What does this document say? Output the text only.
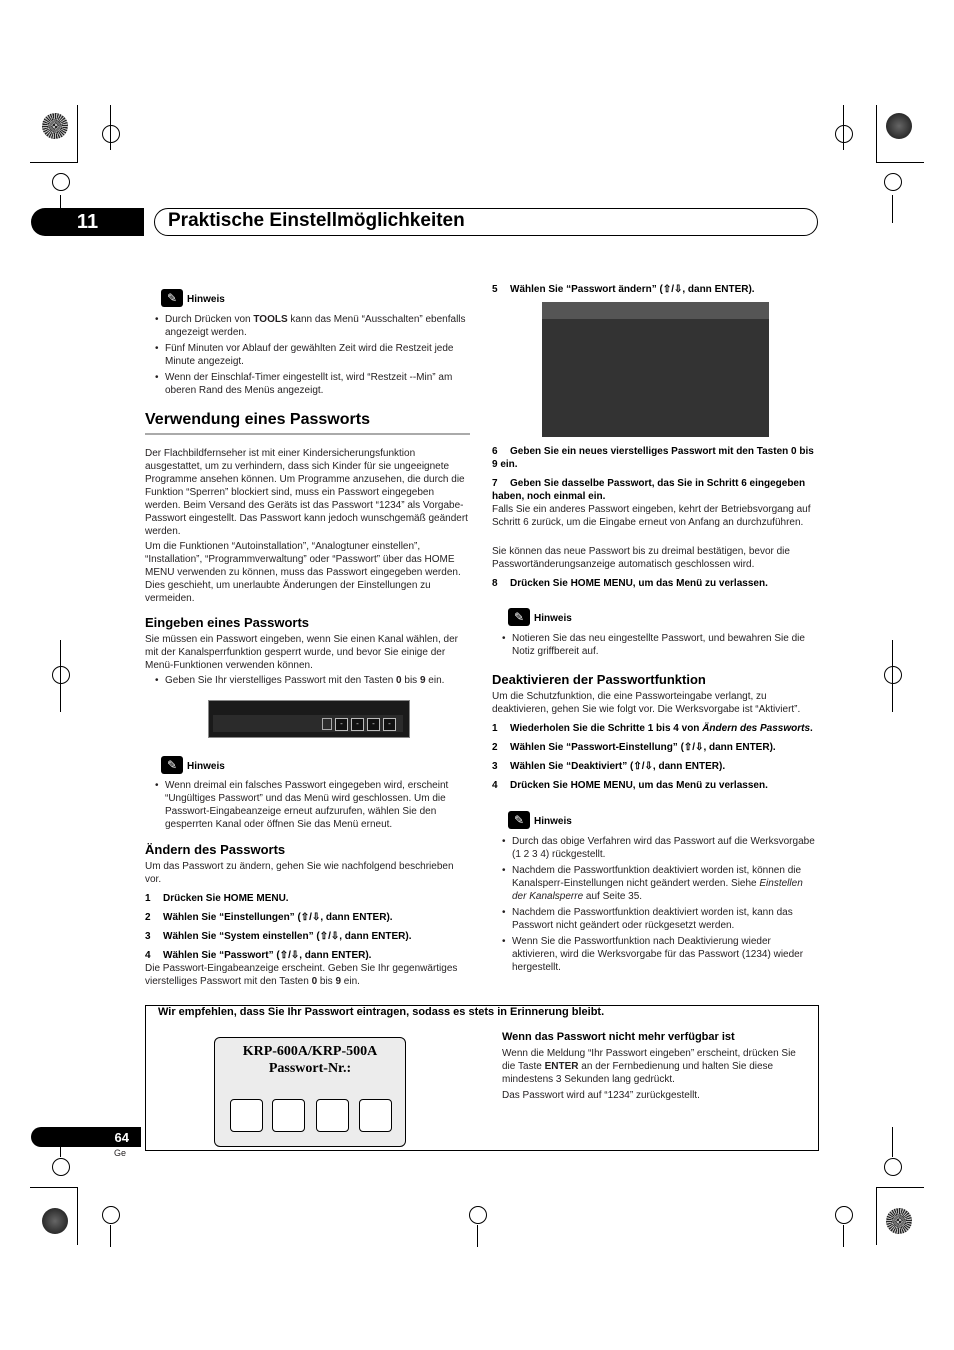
11	Praktische Einstellmöglichkeiten
✎ Hinweis
• Durch Drücken von TOOLS kann das Menü “Ausschalten” ebenfalls angezeigt werden.
• Fünf Minuten vor Ablauf der gewählten Zeit wird die Restzeit jede Minute angezeigt.
• Wenn der Einschlaf-Timer eingestellt ist, wird “Restzeit --Min” am oberen Rand des Menüs angezeigt.
Verwendung eines Passworts
Der Flachbildfernseher ist mit einer Kindersicherungsfunktion ausgestattet, um zu verhindern, dass sich Kinder für sie ungeeignete Programme ansehen können. Um Programme anzusehen, die durch die Funktion “Sperren” blockiert sind, muss ein Passwort eingegeben werden. Beim Versand des Geräts ist das Passwort “1234” als Vorgabe-Passwort eingestellt. Das Passwort kann jedoch wunschgemäß geändert werden.
Um die Funktionen “Autoinstallation”, “Analogtuner einstellen”, “Installation”, “Programmverwaltung” oder “Passwort” über das HOME MENU verwenden zu können, muss das Passwort eingegeben werden. Dies geschieht, um unerlaubte Änderungen der Einstellungen zu vermeiden.
Eingeben eines Passworts
Sie müssen ein Passwort eingeben, wenn Sie einen Kanal wählen, der mit der Kanalsperrfunktion gesperrt wurde, und bevor Sie einige der Menü-Funktionen verwenden können.
• Geben Sie Ihr vierstelliges Passwort mit den Tasten 0 bis 9 ein.
-	-	-	-
✎ Hinweis
• Wenn dreimal ein falsches Passwort eingegeben wird, erscheint “Ungültiges Passwort” und das Menü wird geschlossen. Um die Passwort-Eingabeanzeige erneut aufzurufen, wählen Sie den gesperrten Kanal oder öffnen Sie das Menü erneut.
Ändern des Passworts
Um das Passwort zu ändern, gehen Sie wie nachfolgend beschrieben vor.
1 Drücken Sie HOME MENU.
2 Wählen Sie “Einstellungen” (⇧/⇩, dann ENTER).
3 Wählen Sie “System einstellen” (⇧/⇩, dann ENTER).
4 Wählen Sie “Passwort” (⇧/⇩, dann ENTER).
Die Passwort-Eingabeanzeige erscheint. Geben Sie Ihr gegenwärtiges vierstelliges Passwort mit den Tasten 0 bis 9 ein.
5 Wählen Sie “Passwort ändern” (⇧/⇩, dann ENTER).
6 Geben Sie ein neues vierstelliges Passwort mit den Tasten 0 bis 9 ein.
7 Geben Sie dasselbe Passwort, das Sie in Schritt 6 eingegeben haben, noch einmal ein.
Falls Sie ein anderes Passwort eingeben, kehrt der Betriebsvorgang auf Schritt 6 zurück, um die Eingabe erneut von Anfang an durchzuführen.
Sie können das neue Passwort bis zu dreimal bestätigen, bevor die Passwortänderungsanzeige automatisch geschlossen wird.
8 Drücken Sie HOME MENU, um das Menü zu verlassen.
✎ Hinweis
• Notieren Sie das neu eingestellte Passwort, und bewahren Sie die Notiz griffbereit auf.
Deaktivieren der Passwortfunktion
Um die Schutzfunktion, die eine Passworteingabe verlangt, zu deaktivieren, gehen Sie wie folgt vor. Die Werksvorgabe ist “Aktiviert”.
1 Wiederholen Sie die Schritte 1 bis 4 von Ändern des Passworts.
2 Wählen Sie “Passwort-Einstellung” (⇧/⇩, dann ENTER).
3 Wählen Sie “Deaktiviert” (⇧/⇩, dann ENTER).
4 Drücken Sie HOME MENU, um das Menü zu verlassen.
✎ Hinweis
• Durch das obige Verfahren wird das Passwort auf die Werksvorgabe (1 2 3 4) rückgestellt.
• Nachdem die Passwortfunktion deaktiviert worden ist, können die Kanalsperr-Einstellungen nicht geändert werden. Siehe Einstellen der Kanalsperre auf Seite 35.
• Nachdem die Passwortfunktion deaktiviert worden ist, kann das Passwort nicht geändert oder rückgesetzt werden.
• Wenn Sie die Passwortfunktion nach Deaktivierung wieder aktivieren, wird die Werksvorgabe für das Passwort (1234) wieder hergestellt.
Wir empfehlen, dass Sie Ihr Passwort eintragen, sodass es stets in Erinnerung bleibt.
KRP-600A/KRP-500A
Passwort-Nr.:
Wenn das Passwort nicht mehr verfügbar ist
Wenn die Meldung “Ihr Passwort eingeben” erscheint, drücken Sie die Taste ENTER an der Fernbedienung und halten Sie diese mindestens 3 Sekunden lang gedrückt.
Das Passwort wird auf “1234” zurückgestellt.
64
Ge
